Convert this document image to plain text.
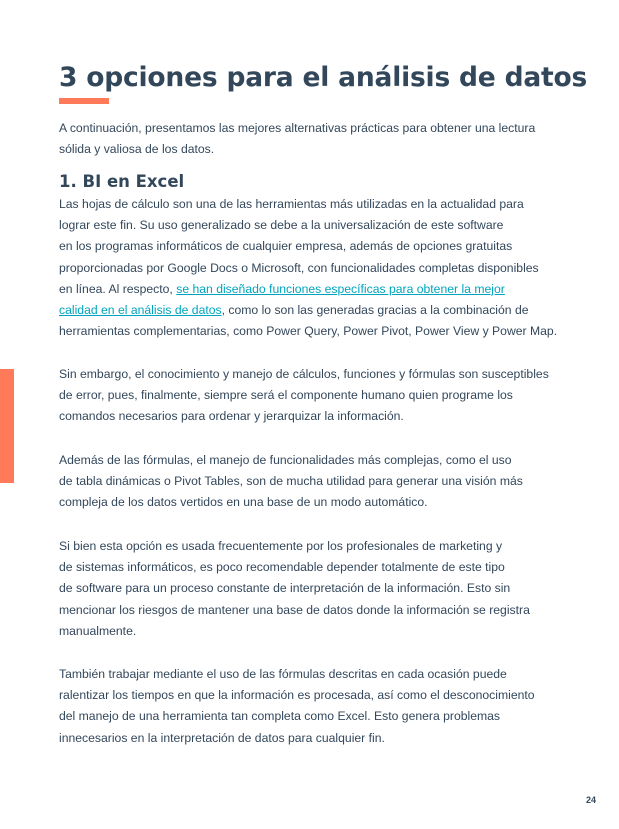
3 opciones para el análisis de datos

A continuación, presentamos las mejores alternativas prácticas para obtener una lectura
sólida y valiosa de los datos.

1. BI en Excel

Las hojas de cálculo son una de las herramientas más utilizadas en la actualidad para
lograr este fin. Su uso generalizado se debe a la universalización de este software
en los programas informáticos de cualquier empresa, además de opciones gratuitas
proporcionadas por Google Docs o Microsoft, con funcionalidades completas disponibles
en línea. Al respecto, se han diseñado funciones específicas para obtener la mejor
calidad en el análisis de datos, como lo son las generadas gracias a la combinación de
herramientas complementarias, como Power Query, Power Pivot, Power View y Power Map.

Sin embargo, el conocimiento y manejo de cálculos, funciones y fórmulas son susceptibles
de error, pues, finalmente, siempre será el componente humano quien programe los
comandos necesarios para ordenar y jerarquizar la información.

Además de las fórmulas, el manejo de funcionalidades más complejas, como el uso
de tabla dinámicas o Pivot Tables, son de mucha utilidad para generar una visión más
compleja de los datos vertidos en una base de un modo automático.

Si bien esta opción es usada frecuentemente por los profesionales de marketing y
de sistemas informáticos, es poco recomendable depender totalmente de este tipo
de software para un proceso constante de interpretación de la información. Esto sin
mencionar los riesgos de mantener una base de datos donde la información se registra
manualmente.

También trabajar mediante el uso de las fórmulas descritas en cada ocasión puede
ralentizar los tiempos en que la información es procesada, así como el desconocimiento
del manejo de una herramienta tan completa como Excel. Esto genera problemas
innecesarios en la interpretación de datos para cualquier fin.

24
